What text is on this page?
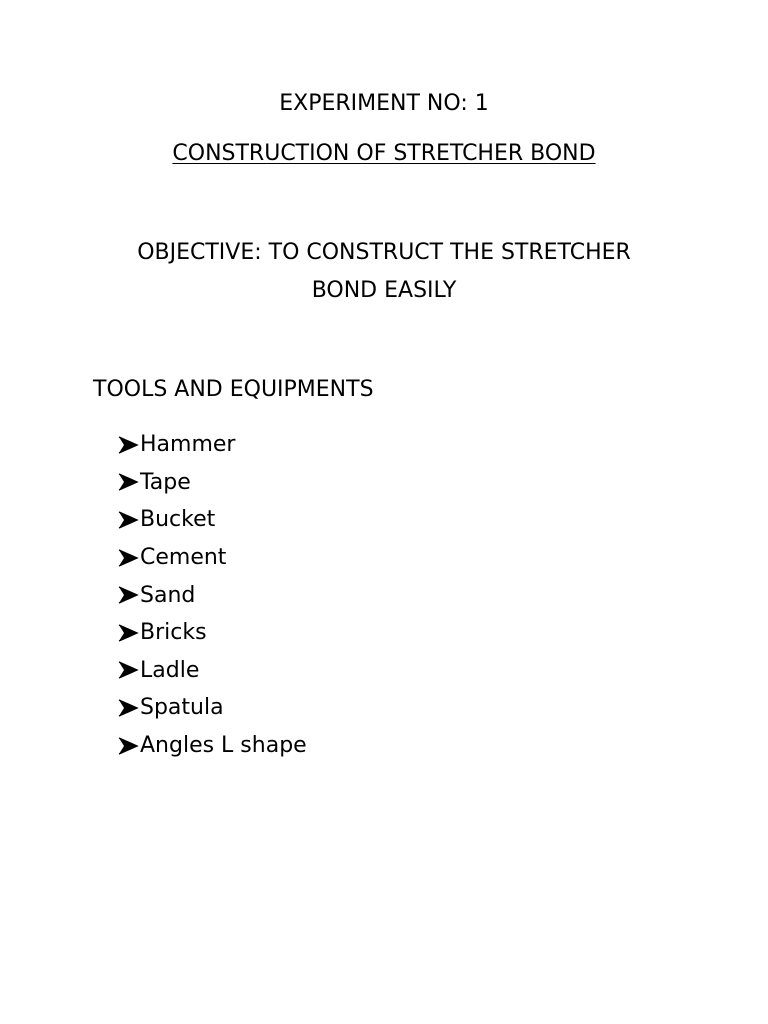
EXPERIMENT NO: 1
CONSTRUCTION OF STRETCHER BOND
OBJECTIVE: TO CONSTRUCT THE STRETCHER
BOND EASILY
TOOLS AND EQUIPMENTS
Hammer
Tape
Bucket
Cement
Sand
Bricks
Ladle
Spatula
Angles L shape
